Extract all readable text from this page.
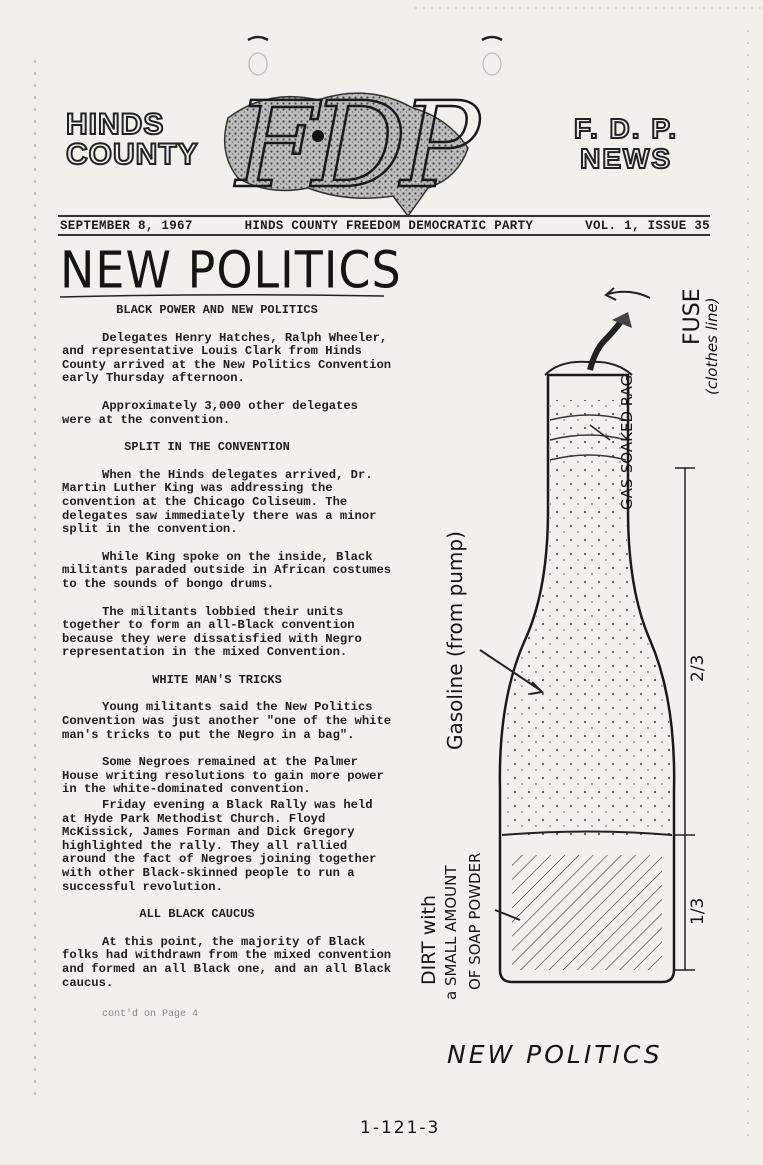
HINDS
COUNTY FDP	F. D. P.
NEWS
SEPTEMBER 8, 1967	HINDS COUNTY FREEDOM DEMOCRATIC PARTY	VOL. 1, ISSUE 35
NEW POLITICS

BLACK POWER AND NEW POLITICS

Delegates Henry Hatches, Ralph Wheeler, and representative Louis Clark from Hinds County arrived at the New Politics Convention early Thursday afternoon.

Approximately 3,000 other delegates were at the convention.

SPLIT IN THE CONVENTION

When the Hinds delegates arrived, Dr. Martin Luther King was addressing the convention at the Chicago Coliseum. The delegates saw immediately there was a minor split in the convention.

While King spoke on the inside, Black militants paraded outside in African costumes to the sounds of bongo drums.

The militants lobbied their units together to form an all-Black convention because they were dissatisfied with Negro representation in the mixed Convention.

WHITE MAN'S TRICKS

Young militants said the New Politics Convention was just another "one of the white man's tricks to put the Negro in a bag".

Some Negroes remained at the Palmer House writing resolutions to gain more power in the white-dominated convention.

Friday evening a Black Rally was held at Hyde Park Methodist Church. Floyd McKissick, James Forman and Dick Gregory highlighted the rally. They all rallied around the fact of Negroes joining together with other Black-skinned people to run a successful revolution.

ALL BLACK CAUCUS

At this point, the majority of Black folks had withdrawn from the mixed convention and formed an all Black one, and an all Black caucus.

cont'd on Page 4

FUSE
(clothes line)
GAS-SOAKED RAG
Gasoline (from pump)	2/3
1/3
DIRT with a SMALL AMOUNT OF SOAP POWDER
NEW POLITICS
1-121-3
